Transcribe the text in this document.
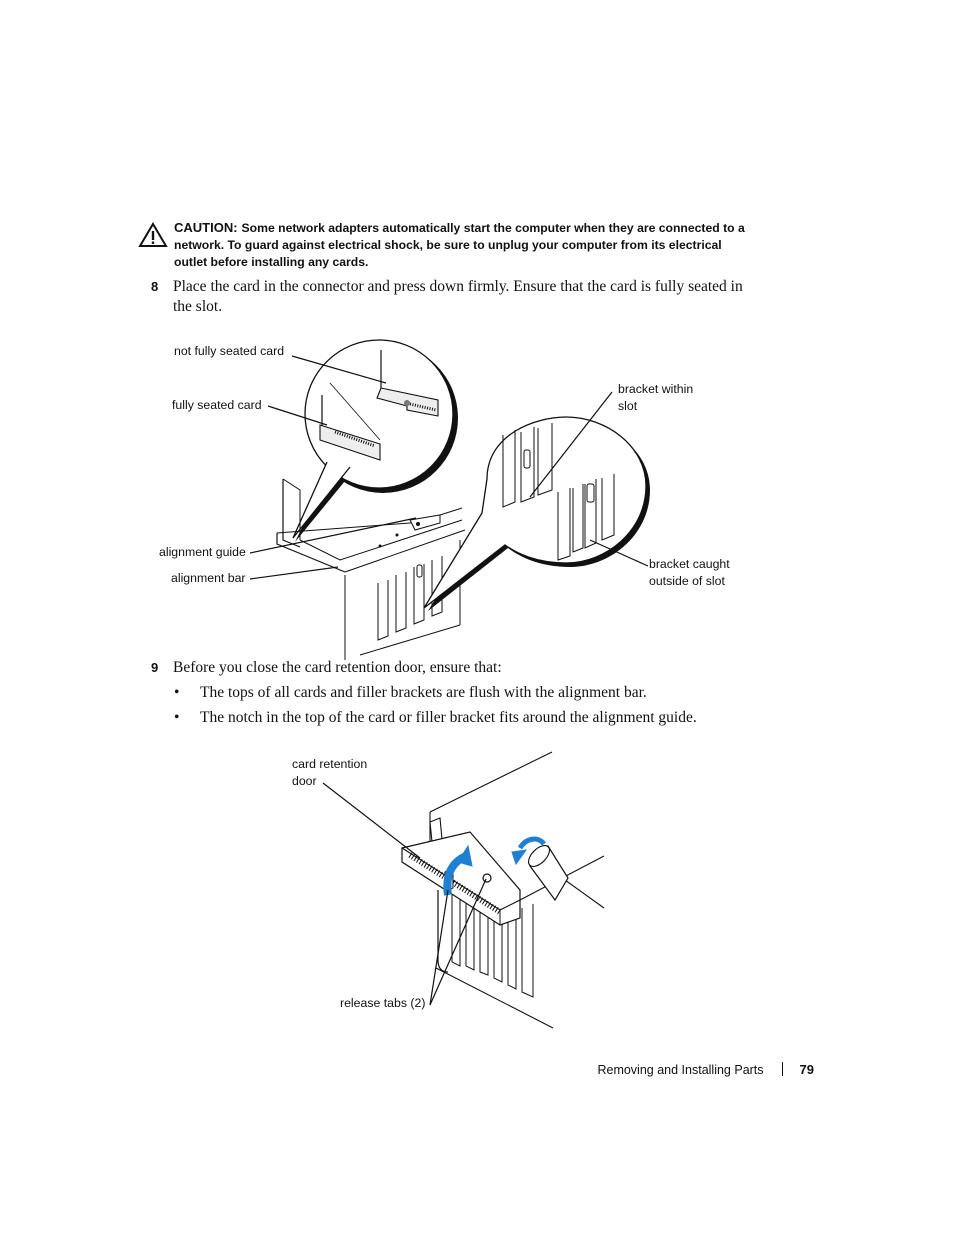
CAUTION: Some network adapters automatically start the computer when they are connected to a network. To guard against electrical shock, be sure to unplug your computer from its electrical outlet before installing any cards.
8 Place the card in the connector and press down firmly. Ensure that the card is fully seated in the slot.
not fully seated card
fully seated card
bracket within
slot
alignment guide
alignment bar
bracket caught
outside of slot
9 Before you close the card retention door, ensure that:
• The tops of all cards and filler brackets are flush with the alignment bar.
• The notch in the top of the card or filler bracket fits around the alignment guide.
card retention
door
release tabs (2)
Removing and Installing Parts	79
